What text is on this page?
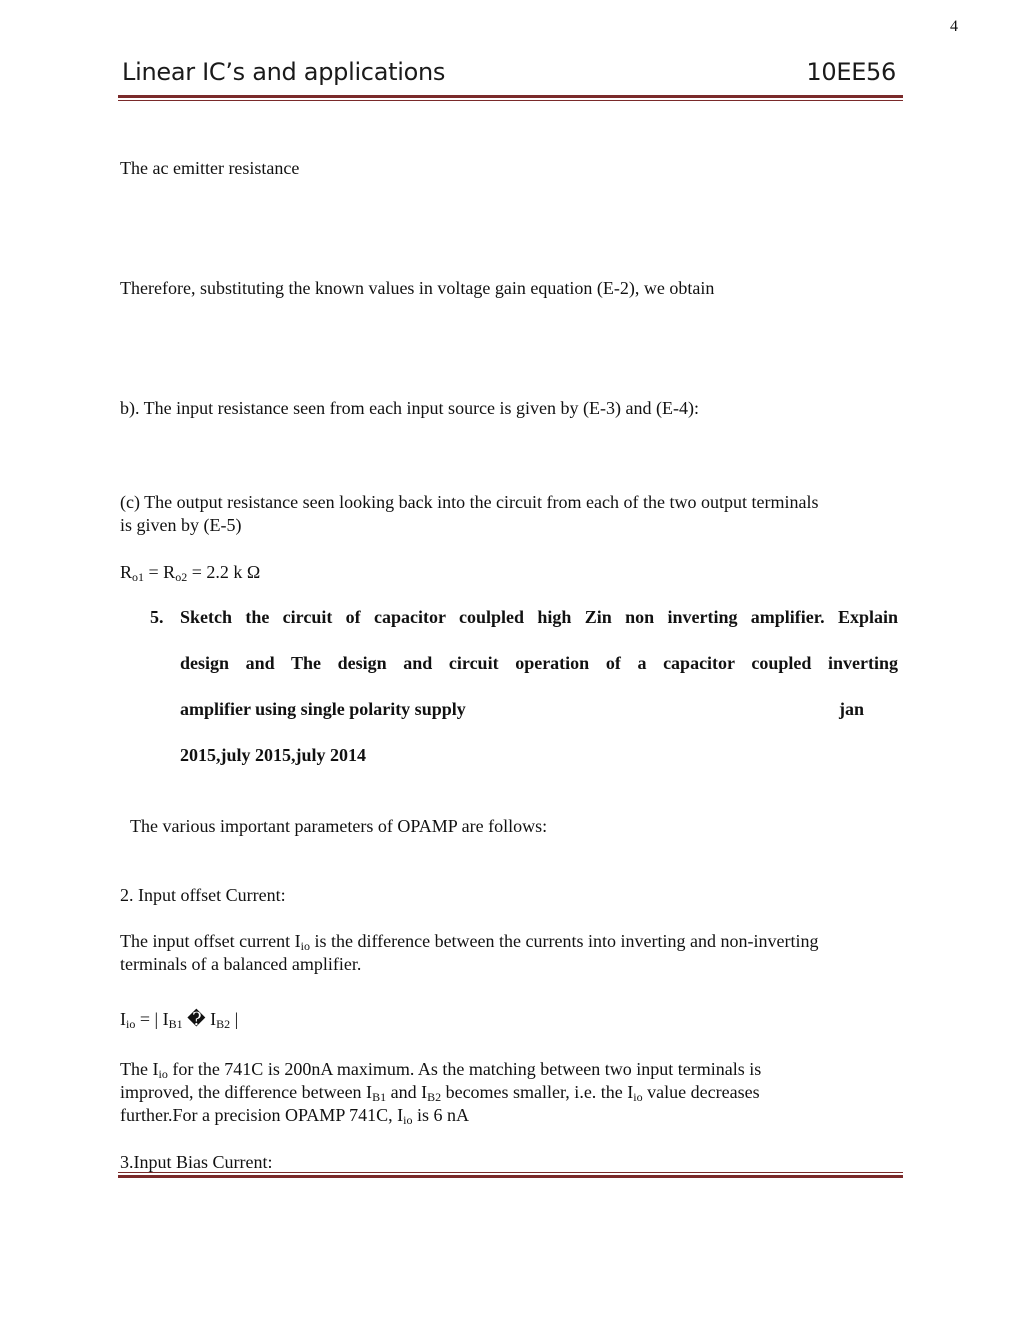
4
Linear IC’s and applications	10EE56
The ac emitter resistance
Therefore, substituting the known values in voltage gain equation (E-2), we obtain
b). The input resistance seen from each input source is given by (E-3) and (E-4):
(c) The output resistance seen looking back into the circuit from each of the two output terminals
is given by (E-5)
$R_{o1} = R_{o2} = 2.2$ k Ω
5. Sketch the circuit of capacitor coulpled high Zin non inverting amplifier. Explain
design and The design and circuit operation of a capacitor coupled inverting
amplifier using single polarity supply	jan
2015,july 2015,july 2014
The various important parameters of OPAMP are follows:
2. Input offset Current:
The input offset current $I_{io}$ is the difference between the currents into inverting and non-inverting
terminals of a balanced amplifier.
$I_{io}$ = | $I_{B1}$ � $I_{B2}$ |
The $I_{io}$ for the 741C is 200nA maximum. As the matching between two input terminals is
improved, the difference between $I_{B1}$ and $I_{B2}$ becomes smaller, i.e. the $I_{io}$ value decreases
further.For a precision OPAMP 741C, $I_{io}$ is 6 nA
3.Input Bias Current:
